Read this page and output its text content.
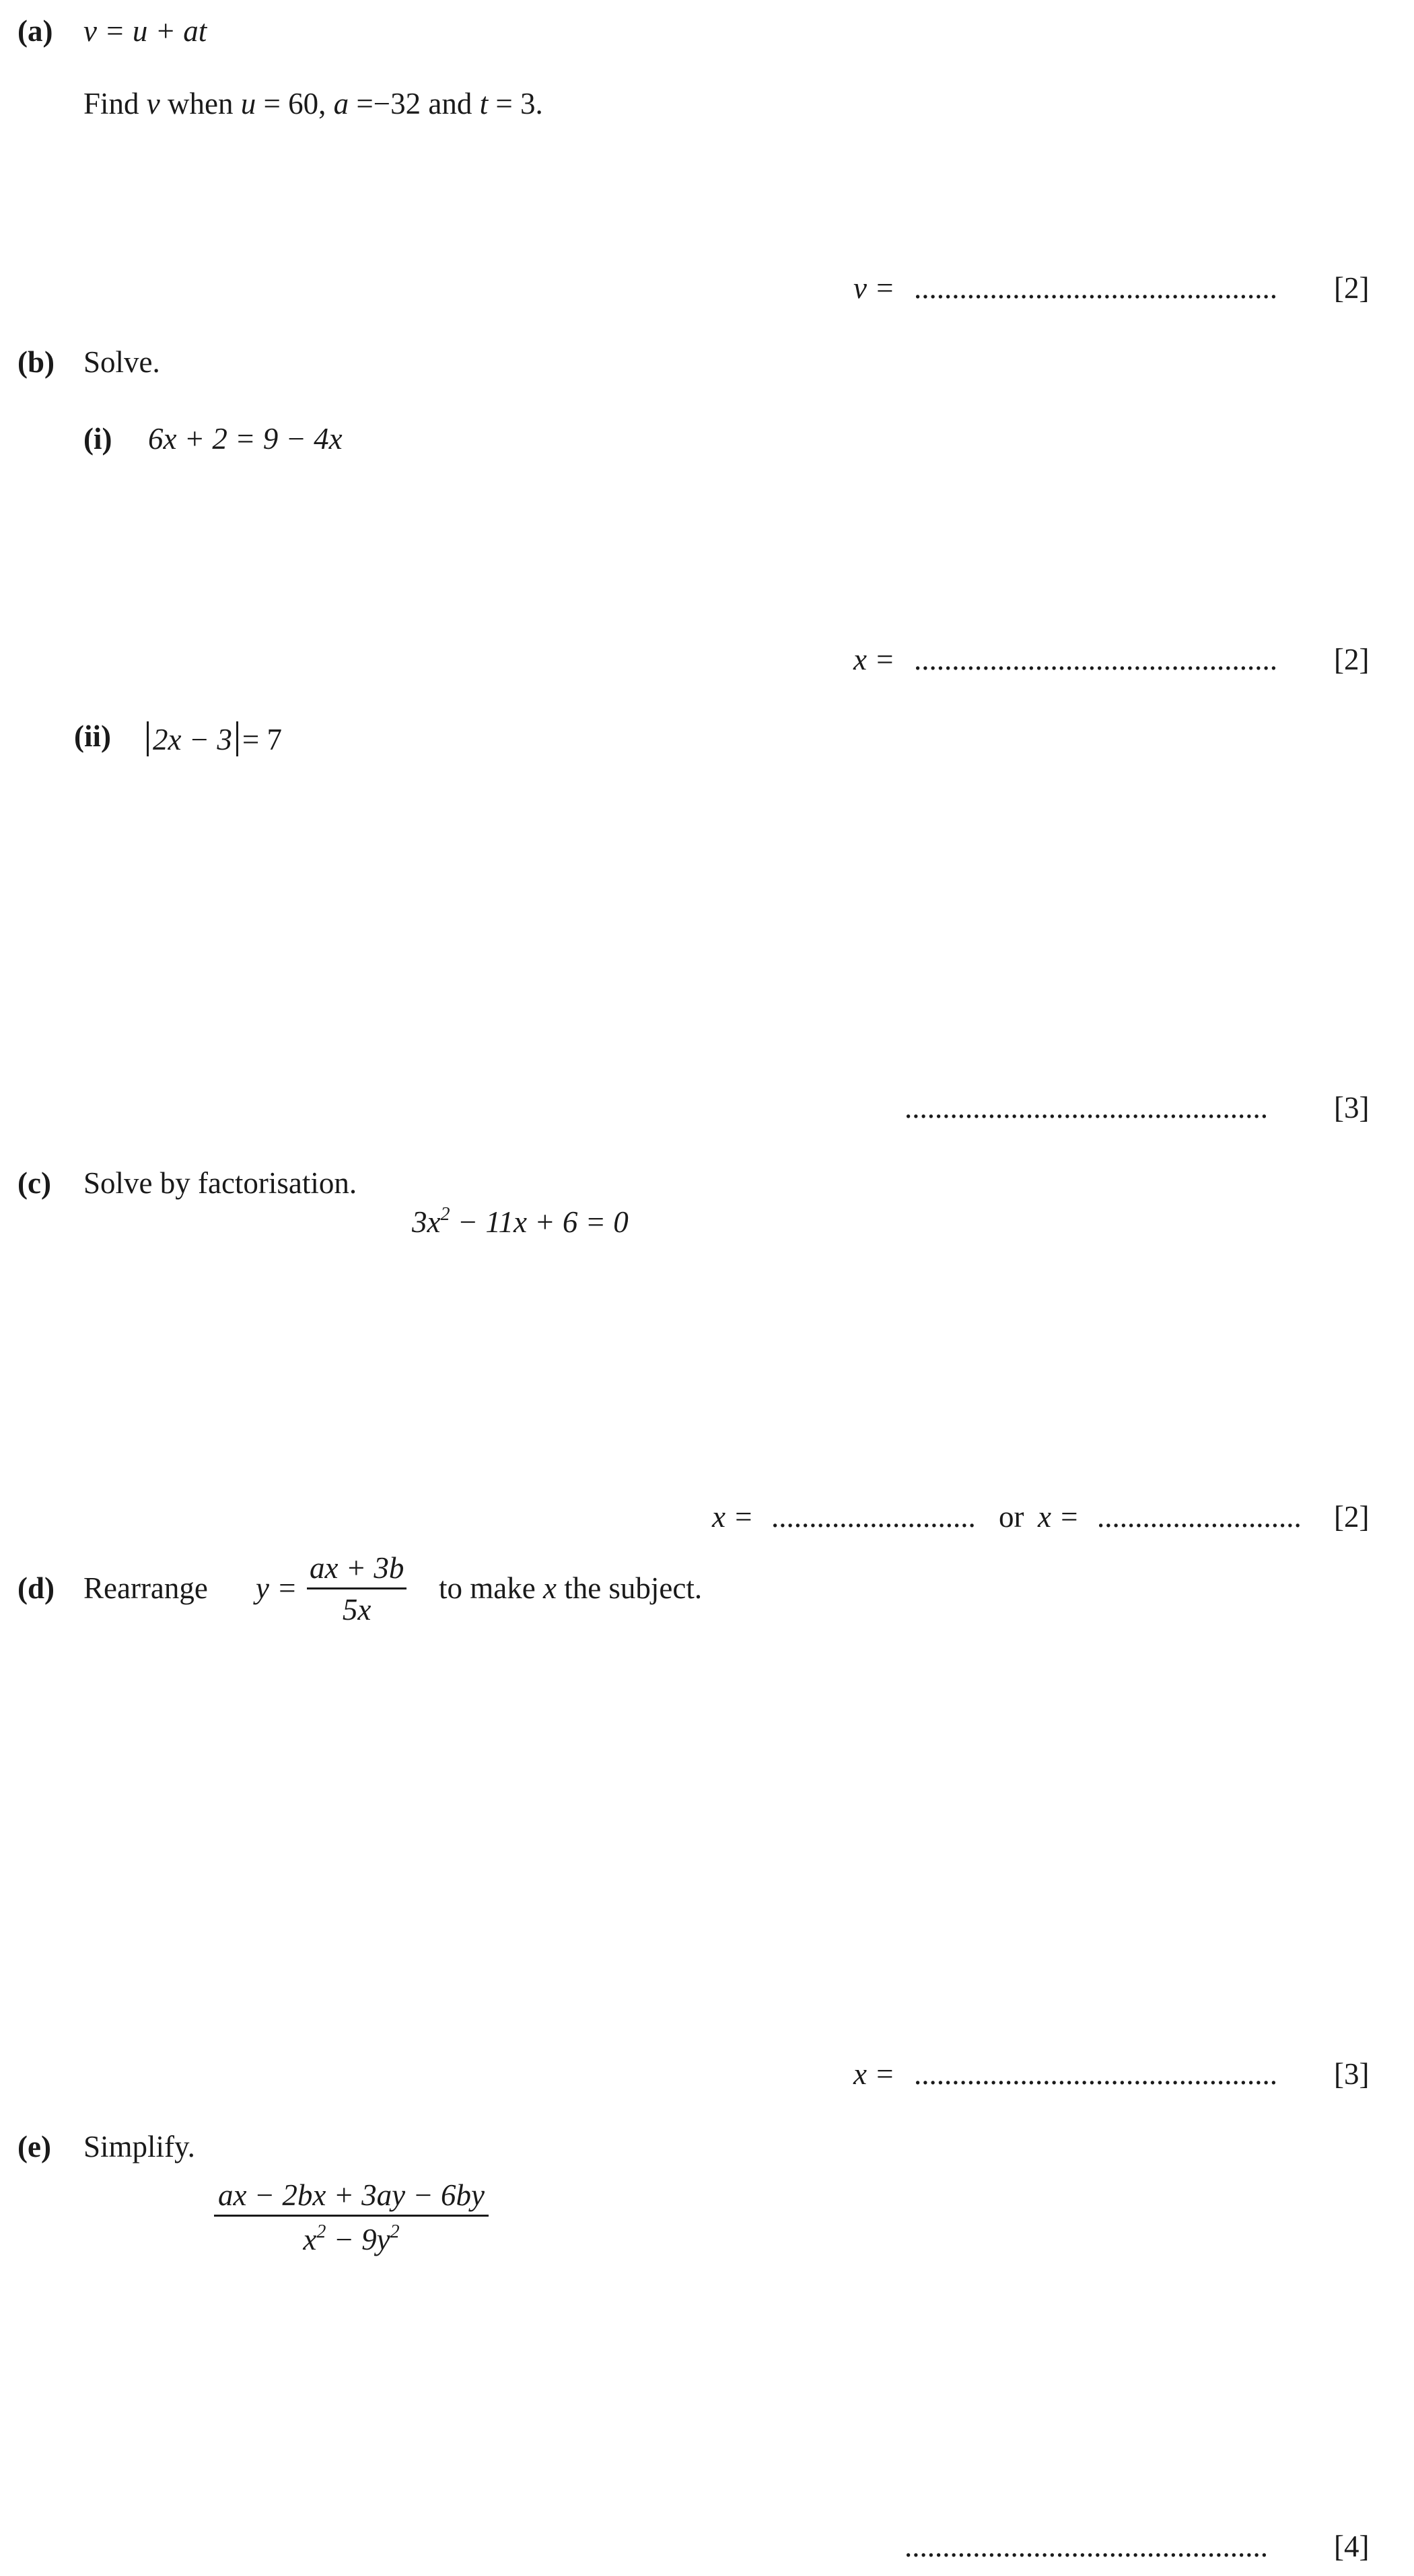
(a) v = u + at
Find v when u = 60, a =−32 and t = 3.
v = ................................................ [2]
(b) Solve.
(i) 6x + 2 = 9 − 4x
x = ................................................ [2]
(ii)	2x − 3 = 7
................................................ [3]
(c) Solve by factorisation.
$3x^2 - 11x + 6 = 0$
x = ........................... or x = ........................... [2]
(d) Rearrange $y = \frac{ax + 3b}{5x}$ to make x the subject.
x = ................................................ [3]
(e) Simplify.
$\frac{ax - 2bx + 3ay - 6by}{x^2 - 9y^2}$
................................................ [4]
